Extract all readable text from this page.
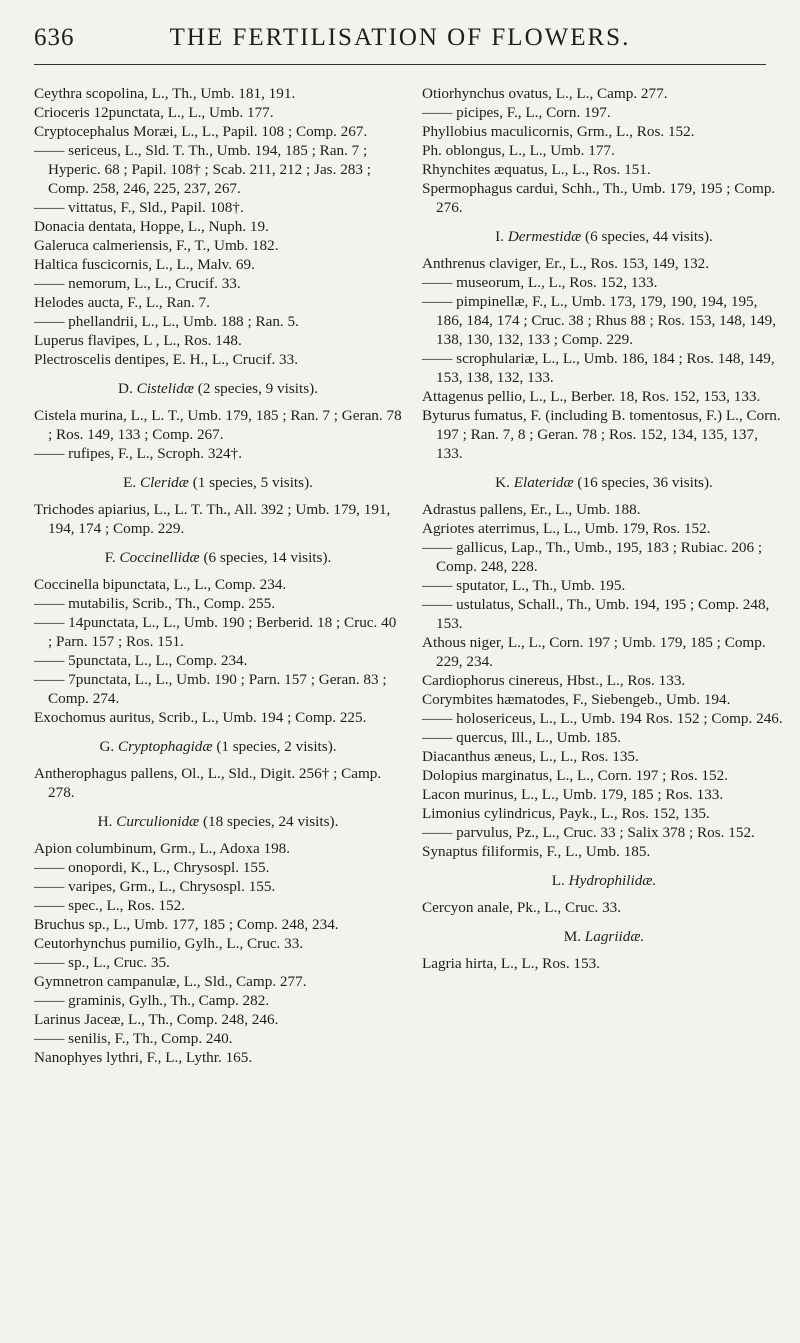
636	THE FERTILISATION OF FLOWERS.

Ceythra scopolina, L., Th., Umb. 181, 191.

Crioceris 12punctata, L., L., Umb. 177.

Cryptocephalus Moræi, L., L., Papil. 108 ; Comp. 267.

—— sericeus, L., Sld. T. Th., Umb. 194, 185 ; Ran. 7 ; Hyperic. 68 ; Papil. 108† ; Scab. 211, 212 ; Jas. 283 ; Comp. 258, 246, 225, 237, 267.

—— vittatus, F., Sld., Papil. 108†.

Donacia dentata, Hoppe, L., Nuph. 19.

Galeruca calmeriensis, F., T., Umb. 182.

Haltica fuscicornis, L., L., Malv. 69.

—— nemorum, L., L., Crucif. 33.

Helodes aucta, F., L., Ran. 7.

—— phellandrii, L., L., Umb. 188 ; Ran. 5.

Luperus flavipes, L , L., Ros. 148.

Plectroscelis dentipes, E. H., L., Crucif. 33.

D. Cistelidæ (2 species, 9 visits).

Cistela murina, L., L. T., Umb. 179, 185 ; Ran. 7 ; Geran. 78 ; Ros. 149, 133 ; Comp. 267.

—— rufipes, F., L., Scroph. 324†.

E. Cleridæ (1 species, 5 visits).

Trichodes apiarius, L., L. T. Th., All. 392 ; Umb. 179, 191, 194, 174 ; Comp. 229.

F. Coccinellidæ (6 species, 14 visits).

Coccinella bipunctata, L., L., Comp. 234.

—— mutabilis, Scrib., Th., Comp. 255.

—— 14punctata, L., L., Umb. 190 ; Berberid. 18 ; Cruc. 40 ; Parn. 157 ; Ros. 151.

—— 5punctata, L., L., Comp. 234.

—— 7punctata, L., L., Umb. 190 ; Parn. 157 ; Geran. 83 ; Comp. 274.

Exochomus auritus, Scrib., L., Umb. 194 ; Comp. 225.

G. Cryptophagidæ (1 species, 2 visits).

Antherophagus pallens, Ol., L., Sld., Digit. 256† ; Camp. 278.

H. Curculionidæ (18 species, 24 visits).

Apion columbinum, Grm., L., Adoxa 198.

—— onopordi, K., L., Chrysospl. 155.

—— varipes, Grm., L., Chrysospl. 155.

—— spec., L., Ros. 152.

Bruchus sp., L., Umb. 177, 185 ; Comp. 248, 234.

Ceutorhynchus pumilio, Gylh., L., Cruc. 33.

—— sp., L., Cruc. 35.

Gymnetron campanulæ, L., Sld., Camp. 277.

—— graminis, Gylh., Th., Camp. 282.

Larinus Jaceæ, L., Th., Comp. 248, 246.

—— senilis, F., Th., Comp. 240.

Nanophyes lythri, F., L., Lythr. 165.

Otiorhynchus ovatus, L., L., Camp. 277.

—— picipes, F., L., Corn. 197.

Phyllobius maculicornis, Grm., L., Ros. 152.

Ph. oblongus, L., L., Umb. 177.

Rhynchites æquatus, L., L., Ros. 151.

Spermophagus cardui, Schh., Th., Umb. 179, 195 ; Comp. 276.

I. Dermestidæ (6 species, 44 visits).

Anthrenus claviger, Er., L., Ros. 153, 149, 132.

—— museorum, L., L., Ros. 152, 133.

—— pimpinellæ, F., L., Umb. 173, 179, 190, 194, 195, 186, 184, 174 ; Cruc. 38 ; Rhus 88 ; Ros. 153, 148, 149, 138, 130, 132, 133 ; Comp. 229.

—— scrophulariæ, L., L., Umb. 186, 184 ; Ros. 148, 149, 153, 138, 132, 133.

Attagenus pellio, L., L., Berber. 18, Ros. 152, 153, 133.

Byturus fumatus, F. (including B. tomentosus, F.) L., Corn. 197 ; Ran. 7, 8 ; Geran. 78 ; Ros. 152, 134, 135, 137, 133.

K. Elateridæ (16 species, 36 visits).

Adrastus pallens, Er., L., Umb. 188.

Agriotes aterrimus, L., L., Umb. 179, Ros. 152.

—— gallicus, Lap., Th., Umb., 195, 183 ; Rubiac. 206 ; Comp. 248, 228.

—— sputator, L., Th., Umb. 195.

—— ustulatus, Schall., Th., Umb. 194, 195 ; Comp. 248, 153.

Athous niger, L., L., Corn. 197 ; Umb. 179, 185 ; Comp. 229, 234.

Cardiophorus cinereus, Hbst., L., Ros. 133.

Corymbites hæmatodes, F., Siebengeb., Umb. 194.

—— holosericeus, L., L., Umb. 194 Ros. 152 ; Comp. 246.

—— quercus, Ill., L., Umb. 185.

Diacanthus æneus, L., L., Ros. 135.

Dolopius marginatus, L., L., Corn. 197 ; Ros. 152.

Lacon murinus, L., L., Umb. 179, 185 ; Ros. 133.

Limonius cylindricus, Payk., L., Ros. 152, 135.

—— parvulus, Pz., L., Cruc. 33 ; Salix 378 ; Ros. 152.

Synaptus filiformis, F., L., Umb. 185.

L. Hydrophilidæ.

Cercyon anale, Pk., L., Cruc. 33.

M. Lagriidæ.

Lagria hirta, L., L., Ros. 153.
